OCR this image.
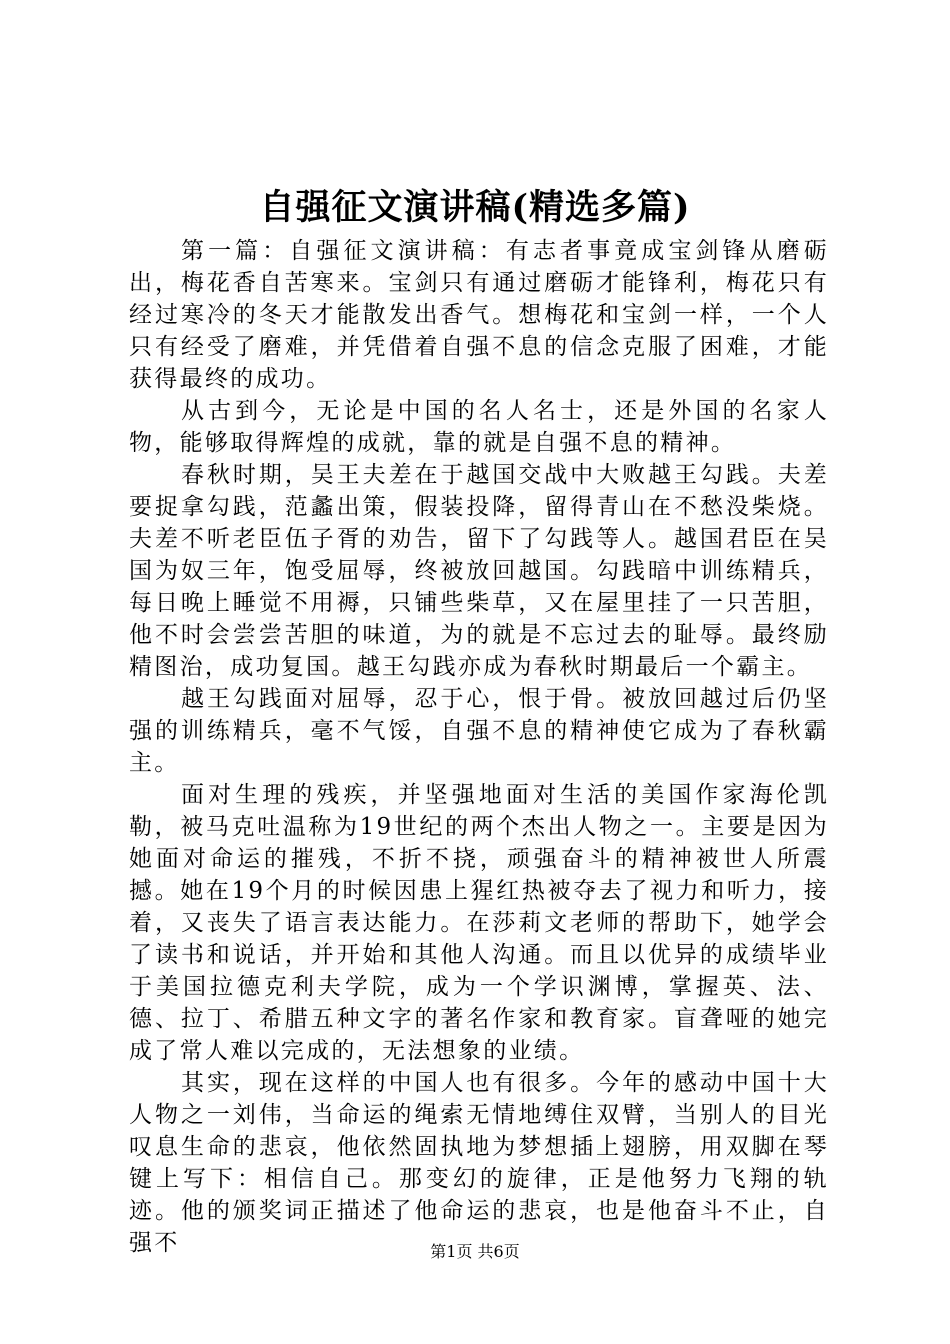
自强征文演讲稿(精选多篇)

第一篇：自强征文演讲稿：有志者事竟成宝剑锋从磨砺出，梅花香自苦寒来。宝剑只有通过磨砺才能锋利，梅花只有经过寒冷的冬天才能散发出香气。想梅花和宝剑一样，一个人只有经受了磨难，并凭借着自强不息的信念克服了困难，才能获得最终的成功。

从古到今，无论是中国的名人名士，还是外国的名家人物，能够取得辉煌的成就，靠的就是自强不息的精神。

春秋时期，吴王夫差在于越国交战中大败越王勾践。夫差要捉拿勾践，范蠡出策，假装投降，留得青山在不愁没柴烧。夫差不听老臣伍子胥的劝告，留下了勾践等人。越国君臣在吴国为奴三年，饱受屈辱，终被放回越国。勾践暗中训练精兵，每日晚上睡觉不用褥，只铺些柴草，又在屋里挂了一只苦胆，他不时会尝尝苦胆的味道，为的就是不忘过去的耻辱。最终励精图治，成功复国。越王勾践亦成为春秋时期最后一个霸主。

越王勾践面对屈辱，忍于心，恨于骨。被放回越过后仍坚强的训练精兵，毫不气馁，自强不息的精神使它成为了春秋霸主。

面对生理的残疾，并坚强地面对生活的美国作家海伦凯勒，被马克吐温称为19世纪的两个杰出人物之一。主要是因为她面对命运的摧残，不折不挠，顽强奋斗的精神被世人所震撼。她在19个月的时候因患上猩红热被夺去了视力和听力，接着，又丧失了语言表达能力。在莎莉文老师的帮助下，她学会了读书和说话，并开始和其他人沟通。而且以优异的成绩毕业于美国拉德克利夫学院，成为一个学识渊博，掌握英、法、德、拉丁、希腊五种文字的著名作家和教育家。盲聋哑的她完成了常人难以完成的，无法想象的业绩。

其实，现在这样的中国人也有很多。今年的感动中国十大人物之一刘伟，当命运的绳索无情地缚住双臂，当别人的目光叹息生命的悲哀，他依然固执地为梦想插上翅膀，用双脚在琴键上写下：相信自己。那变幻的旋律，正是他努力飞翔的轨迹。他的颁奖词正描述了他命运的悲哀，也是他奋斗不止，自强不	第1页 共6页
